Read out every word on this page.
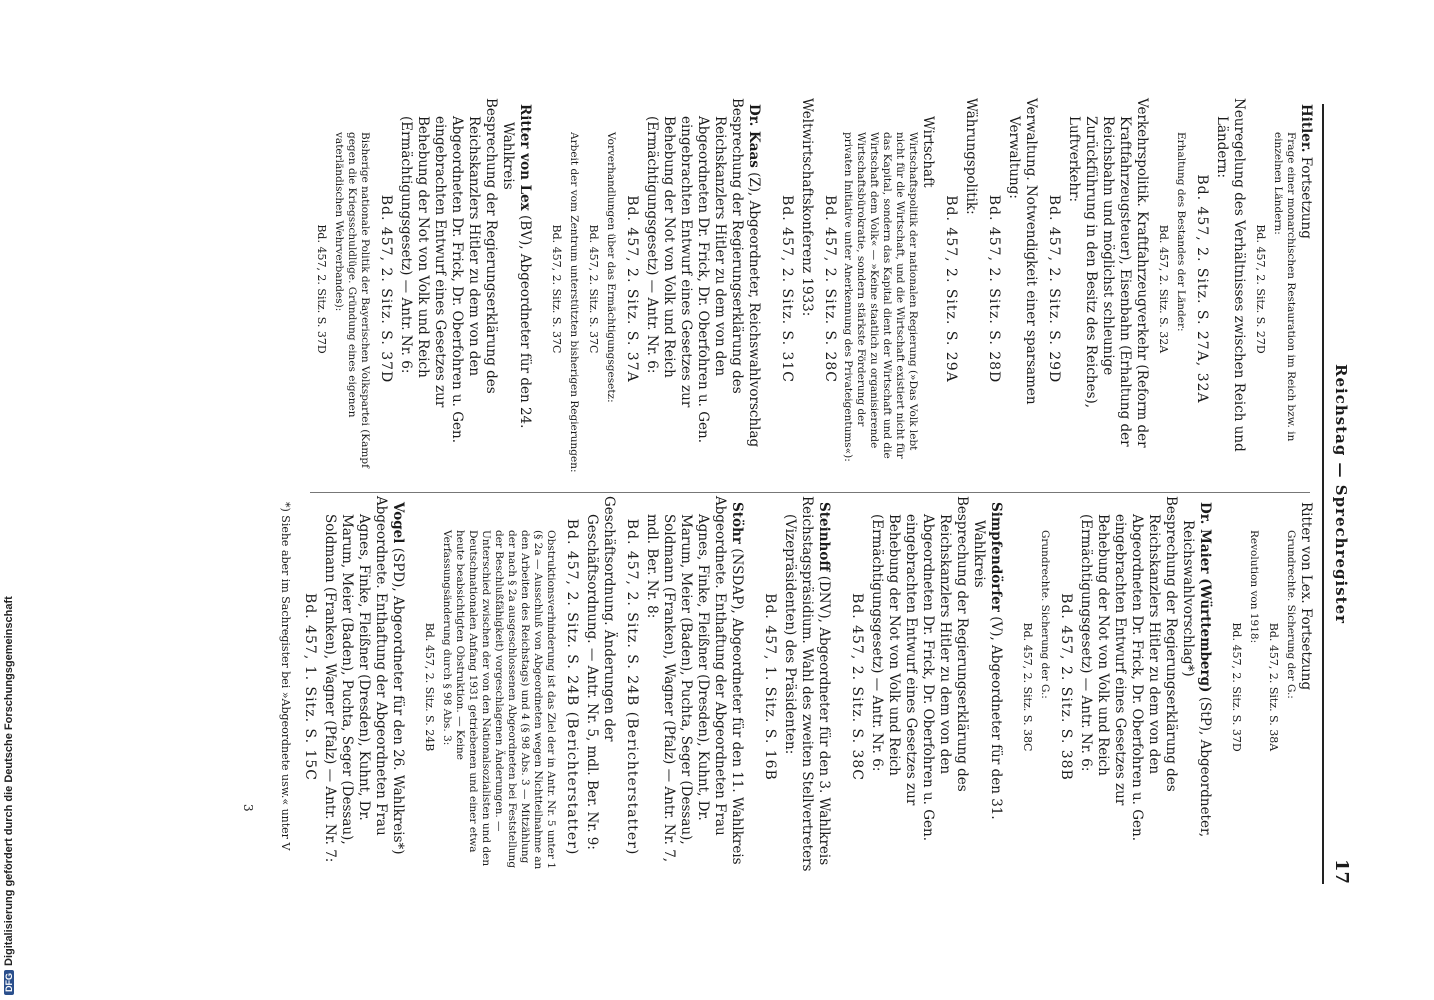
DFGDigitalisierung gefördert durch die Deutsche Forschungsgemeinschaft
Reichstag — Sprechregister
17

Hitler. Fortsetzung

Frage einer monarchischen Restauration im Reich bzw. in einzelnen Ländern:

Bd. 457, 2. Sitz. S. 27D

Neuregelung des Verhältnisses zwischen Reich und Ländern:

Bd. 457, 2. Sitz. S. 27A, 32A

Erhaltung des Bestandes der Länder:

Bd. 457, 2. Sitz. S. 32A

Verkehrspolitik. Kraftfahrzeugverkehr (Reform der Kraftfahrzeugsteuer), Eisenbahn (Erhaltung der Reichsbahn und möglichst schleunige Zurückführung in den Besitz des Reiches), Luftverkehr:

Bd. 457, 2. Sitz. S. 29D

Verwaltung. Notwendigkeit einer sparsamen Verwaltung:

Bd. 457, 2. Sitz. S. 28D

Währungspolitik:

Bd. 457, 2. Sitz. S. 29A

Wirtschaft

Wirtschaftspolitik der nationalen Regierung (»Das Volk lebt nicht für die Wirtschaft, und die Wirtschaft existiert nicht für das Kapital, sondern das Kapital dient der Wirtschaft und die Wirtschaft dem Volk« — »Keine staatlich zu organisierende Wirtschaftsbürokratie, sondern stärkste Förderung der privaten Initiative unter Anerkennung des Privateigentums«):

Bd. 457, 2. Sitz. S. 28C

Weltwirtschaftskonferenz 1933:

Bd. 457, 2. Sitz. S. 31C

Dr. Kaas (Z), Abgeordneter, Reichswahlvorschlag

Besprechung der Regierungserklärung des Reichskanzlers Hitler zu dem von den Abgeordneten Dr. Frick, Dr. Oberfohren u. Gen. eingebrachten Entwurf eines Gesetzes zur Behebung der Not von Volk und Reich (Ermächtigungsgesetz) — Antr. Nr. 6:

Bd. 457, 2. Sitz. S. 37A

Vorverhandlungen über das Ermächtigungsgesetz:

Bd. 457, 2. Sitz. S. 37C

Arbeit der vom Zentrum unterstützten bisherigen Regierungen:

Bd. 457, 2. Sitz. S. 37C

Ritter von Lex (BV), Abgeordneter für den 24. Wahlkreis

Besprechung der Regierungserklärung des Reichskanzlers Hitler zu dem von den Abgeordneten Dr. Frick, Dr. Oberfohren u. Gen. eingebrachten Entwurf eines Gesetzes zur Behebung der Not von Volk und Reich (Ermächtigungsgesetz) — Antr. Nr. 6:

Bd. 457, 2. Sitz. S. 37D

Bisherige nationale Politik der Bayerischen Volkspartei (Kampf gegen die Kriegsschuldlüge. Gründung eines eigenen vaterländischen Wehrverbandes):

Bd. 457, 2. Sitz. S. 37D

Ritter von Lex. Fortsetzung

Grundrechte. Sicherung der G.:

Bd. 457, 2. Sitz. S. 38A

Revolution von 1918:

Bd. 457, 2. Sitz. S. 37D

Dr. Maier (Württemberg) (StP), Abgeordneter, Reichswahlvorschlag*)

Besprechung der Regierungserklärung des Reichskanzlers Hitler zu dem von den Abgeordneten Dr. Frick, Dr. Oberfohren u. Gen. eingebrachten Entwurf eines Gesetzes zur Behebung der Not von Volk und Reich (Ermächtigungsgesetz) — Antr. Nr. 6:

Bd. 457, 2. Sitz. S. 38B

Grundrechte. Sicherung der G.:

Bd. 457, 2. Sitz. S. 38C

Simpfendörfer (V), Abgeordneter für den 31. Wahlkreis

Besprechung der Regierungserklärung des Reichskanzlers Hitler zu dem von den Abgeordneten Dr. Frick, Dr. Oberfohren u. Gen. eingebrachten Entwurf eines Gesetzes zur Behebung der Not von Volk und Reich (Ermächtigungsgesetz) — Antr. Nr. 6:

Bd. 457, 2. Sitz. S. 38C

Steinhoff (DNV), Abgeordneter für den 3. Wahlkreis

Reichstagspräsidium. Wahl des zweiten Stellvertreters (Vizepräsidenten) des Präsidenten:

Bd. 457, 1. Sitz. S. 16B

Stöhr (NSDAP), Abgeordneter für den 11. Wahlkreis

Abgeordnete. Enthaftung der Abgeordneten Frau Agnes, Finke, Fleißner (Dresden), Kuhnt, Dr. Marum, Meier (Baden), Puchta, Seger (Dessau), Soldmann (Franken), Wagner (Pfalz) — Antr. Nr. 7, mdl. Ber. Nr. 8:

Bd. 457, 2. Sitz. S. 24B (Berichterstatter)

Geschäftsordnung. Änderungen der Geschäftsordnung. — Antr. Nr. 5, mdl. Ber. Nr. 9:

Bd. 457, 2. Sitz. S. 24B (Berichterstatter)

Obstruktionsverhinderung ist das Ziel der in Antr. Nr. 5 unter 1 (§ 2a — Ausschluß von Abgeordneten wegen Nichtteilnahme an den Arbeiten des Reichstags) und 4 (§ 98 Abs. 3 — Mitzählung der nach § 2a ausgeschlossenen Abgeordneten bei Feststellung der Beschlußfähigkeit) vorgeschlagenen Änderungen. — Unterschied zwischen der von den Nationalsozialisten und den Deutschnationalen Anfang 1931 getriebenen und einer etwa heute beabsichtigten Obstruktion. — Keine Verfassungsänderung durch § 98 Abs. 3:

Bd. 457, 2. Sitz. S. 24B

Vogel (SPD), Abgeordneter für den 26. Wahlkreis*)

Abgeordnete. Enthaftung der Abgeordneten Frau Agnes, Finke, Fleißner (Dresden), Kuhnt, Dr. Marum, Meier (Baden), Puchta, Seger (Dessau), Soldmann (Franken), Wagner (Pfalz) — Antr. Nr. 7:

Bd. 457, 1. Sitz. S. 15C

*) Siehe aber im Sachregister bei »Abgeordnete usw.« unter V
3
